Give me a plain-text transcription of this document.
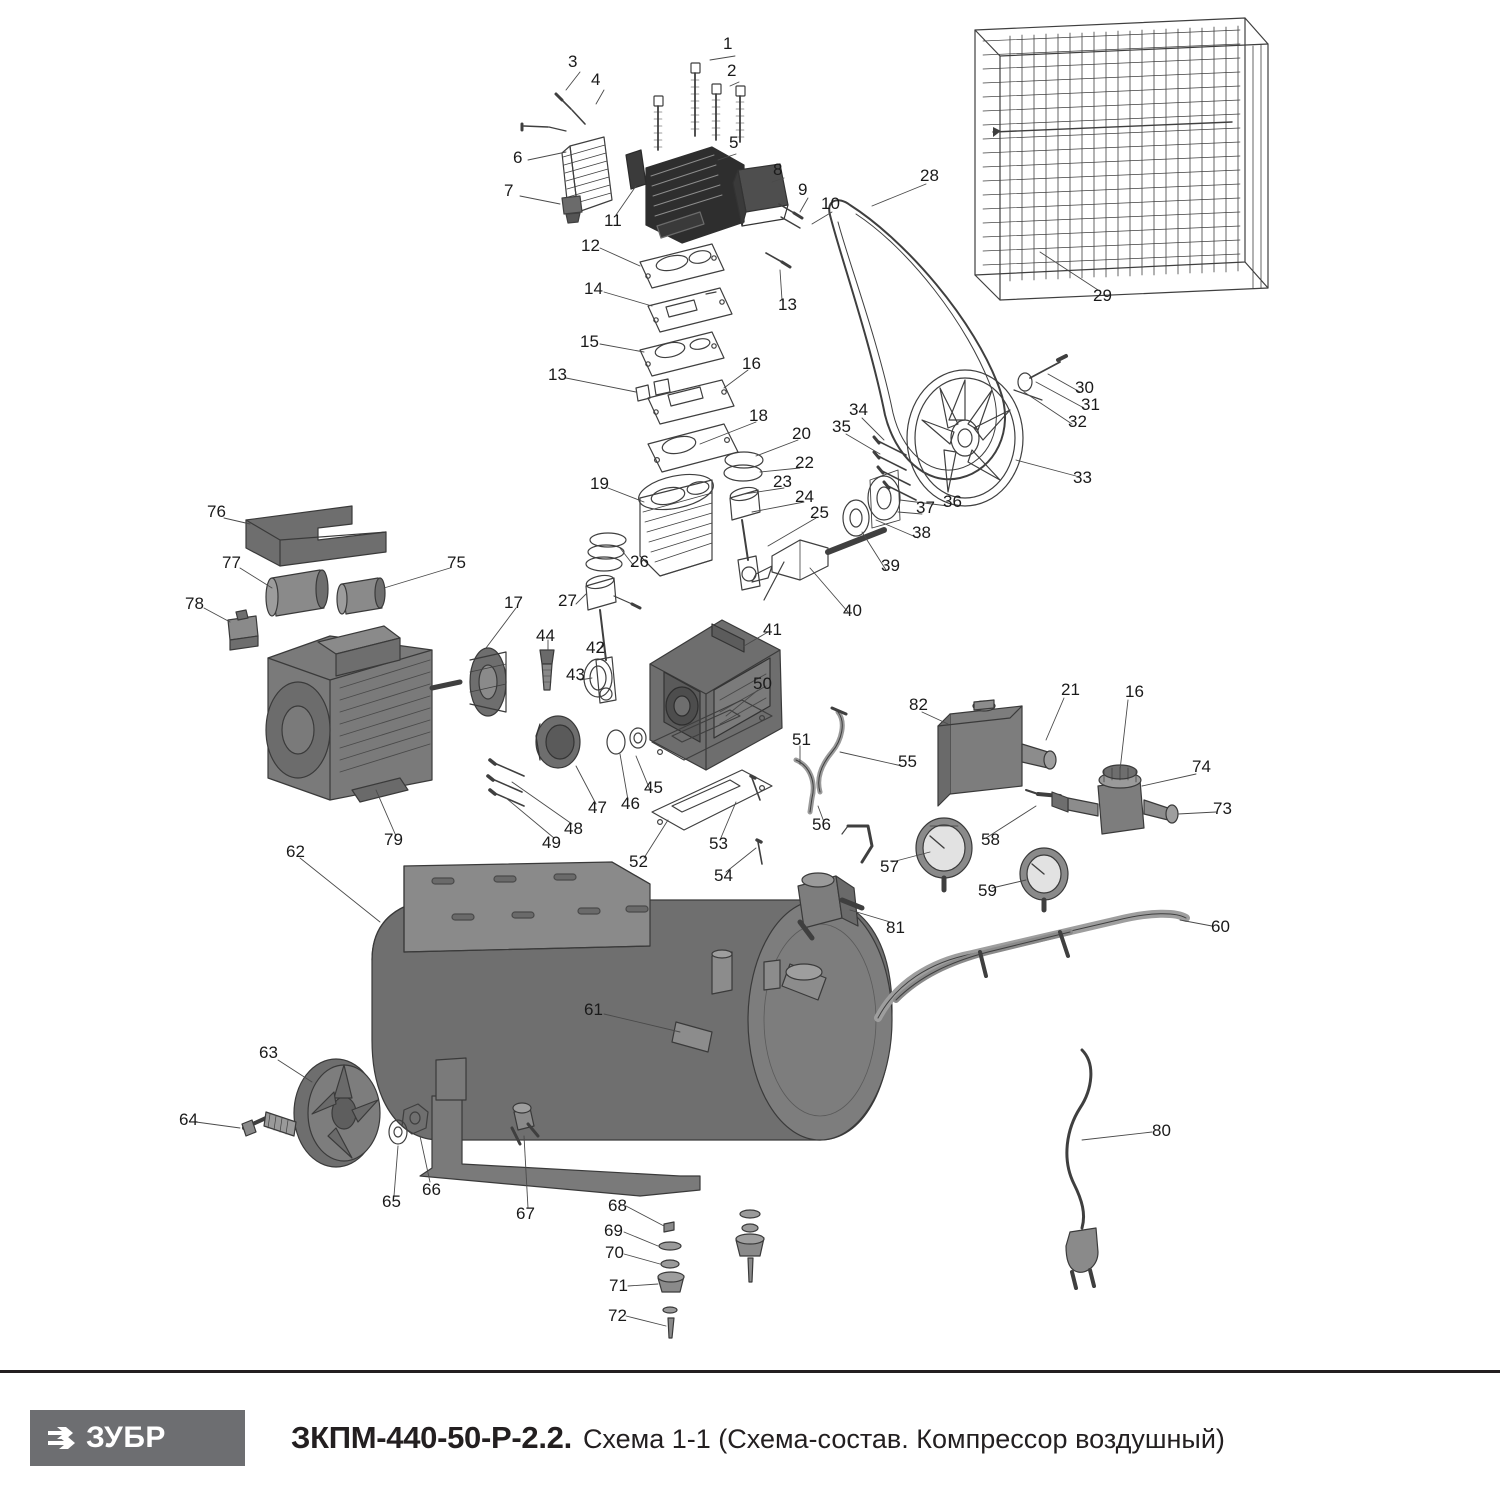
1
2
3
4
5
6
7
8
9
10
11
12
13
14
15
16
13
17
18
19
20
21
22
23
24
25
26
27
28
29
30
31
32
33
34
35
36
37
38
39
40
41
42
43
44
45
46
47
48
49
50
51
52
53
54
55
56
57
58
59
60
61
62
63
64
65
66
67	68
69
70
71
72
73
74
75
76
77
78
79
80
81
82
16
ЗУБР	ЗКПМ-440-50-Р-2.2. Схема 1-1 (Схема-состав. Компрессор воздушный)
